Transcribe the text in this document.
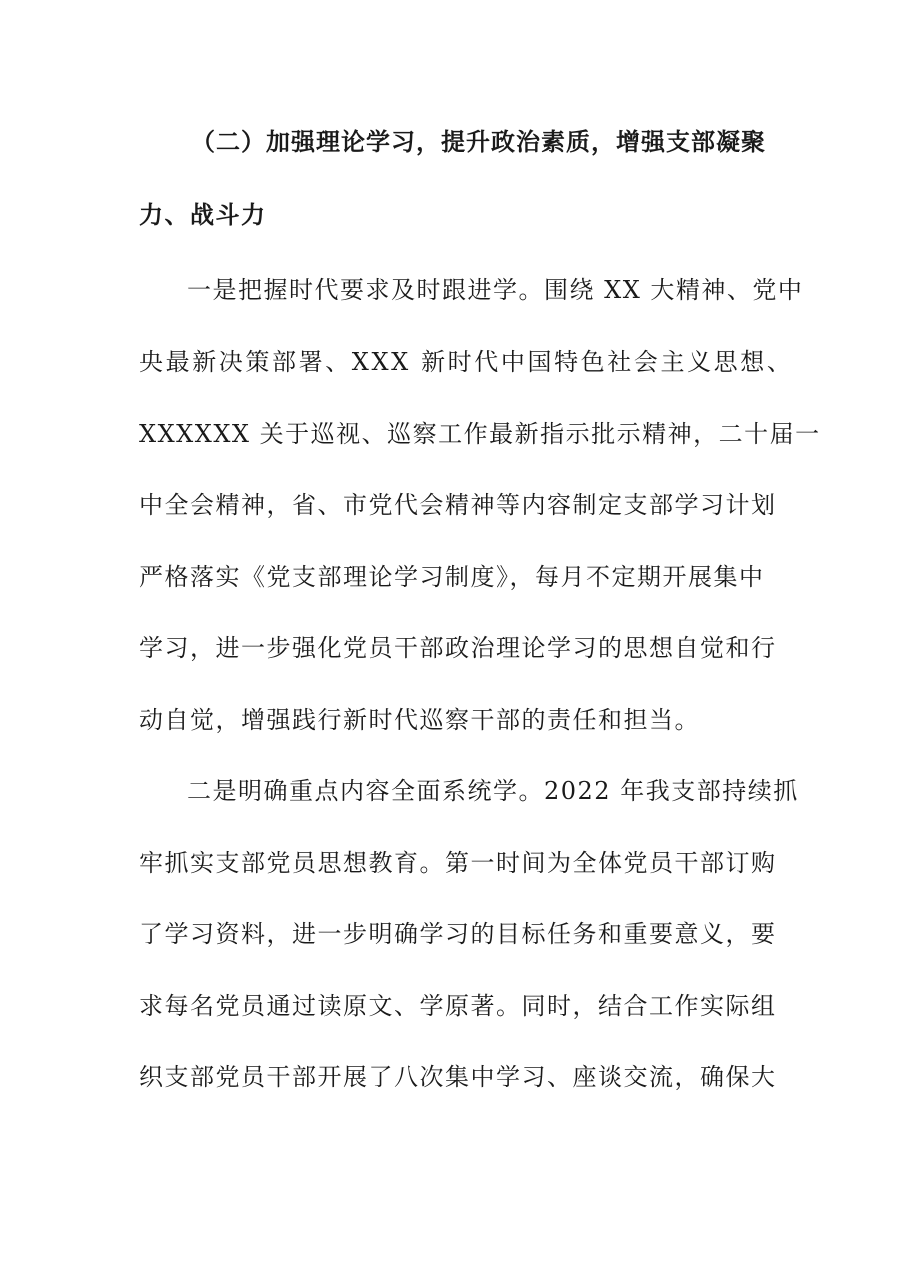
（二）加强理论学习，提升政治素质，增强支部凝聚
力、战斗力
一是把握时代要求及时跟进学。围绕 XX 大精神、党中
央最新决策部署、XXX 新时代中国特色社会主义思想、
XXXXXX 关于巡视、巡察工作最新指示批示精神，二十届一
中全会精神，省、市党代会精神等内容制定支部学习计划
严格落实《党支部理论学习制度》，每月不定期开展集中
学习，进一步强化党员干部政治理论学习的思想自觉和行
动自觉，增强践行新时代巡察干部的责任和担当。
二是明确重点内容全面系统学。2022 年我支部持续抓
牢抓实支部党员思想教育。第一时间为全体党员干部订购
了学习资料，进一步明确学习的目标任务和重要意义，要
求每名党员通过读原文、学原著。同时，结合工作实际组
织支部党员干部开展了八次集中学习、座谈交流，确保大
